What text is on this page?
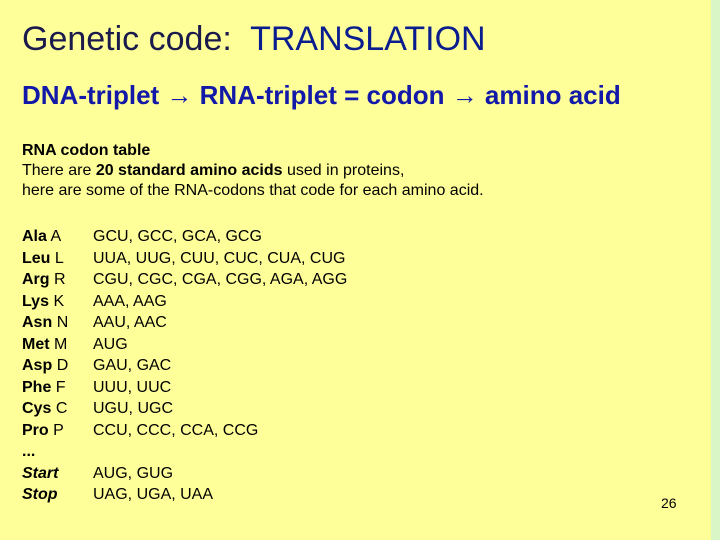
Genetic code: TRANSLATION
DNA-triplet → RNA-triplet = codon → amino acid
RNA codon table
There are 20 standard amino acids used in proteins,
here are some of the RNA-codons that code for each amino acid.
Ala A	GCU, GCC, GCA, GCG
Leu L	UUA, UUG, CUU, CUC, CUA, CUG
Arg R	CGU, CGC, CGA, CGG, AGA, AGG
Lys K	AAA, AAG
Asn N	AAU, AAC
Met M	AUG
Asp D	GAU, GAC
Phe F	UUU, UUC
Cys C	UGU, UGC
Pro P	CCU, CCC, CCA, CCG
...
Start	AUG, GUG
Stop	UAG, UGA, UAA	26
